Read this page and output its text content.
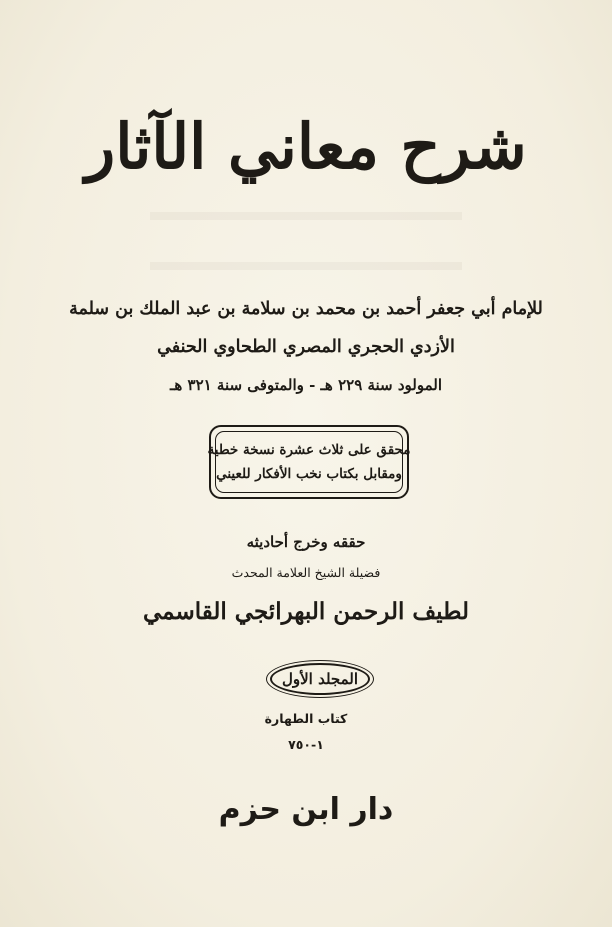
شرح معاني الآثار
للإمام أبي جعفر أحمد بن محمد بن سلامة بن عبد الملك بن سلمة
الأزدي الحجري المصري الطحاوي الحنفي
المولود سنة ٢٢٩ هـ - والمتوفى سنة ٣٢١ هـ
محقق على ثلاث عشرة نسخة خطية
ومقابل بكتاب نخب الأفكار للعيني
حققه وخرج أحاديثه
فضيلة الشيخ العلامة المحدث
لطيف الرحمن البهرائجي القاسمي
المجلد الأول
كتاب الطهارة
١-٧٥٠
دار ابن حزم
